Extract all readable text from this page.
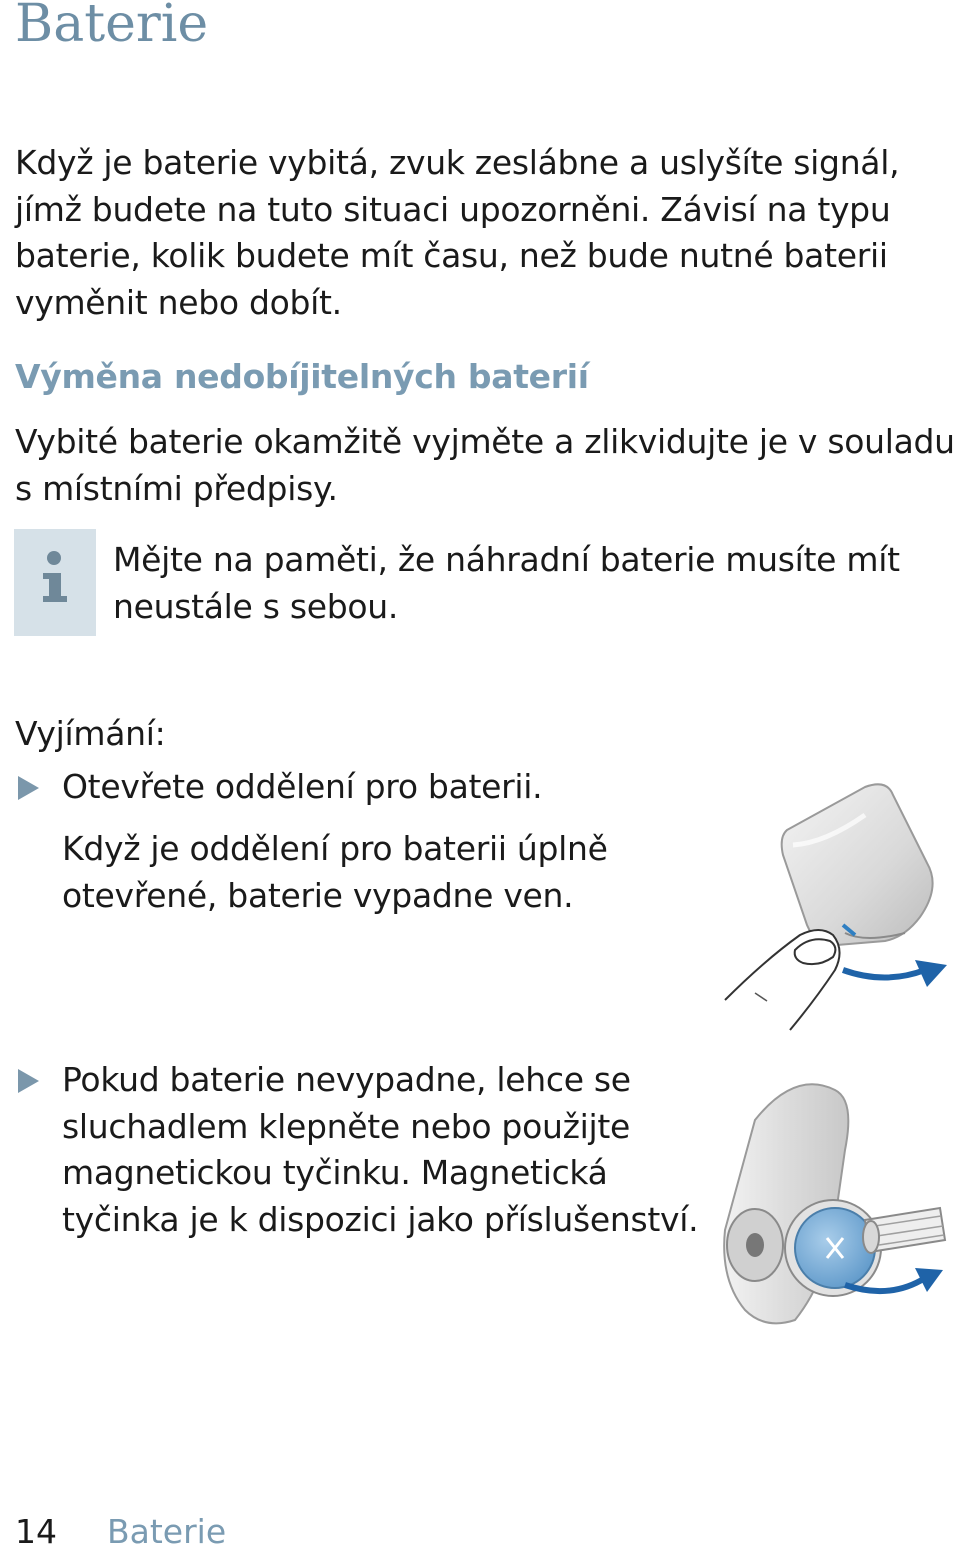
Baterie

Když je baterie vybitá, zvuk zeslábne a uslyšíte signál, jímž budete na tuto situaci upozorněni. Závisí na typu baterie, kolik budete mít času, než bude nutné baterii vyměnit nebo dobít.

Výměna nedobíjitelných baterií

Vybité baterie okamžitě vyjměte a zlikvidujte je v souladu s místními předpisy.

Mějte na paměti, že náhradní baterie musíte mít neustále s sebou.

Vyjímání:

Otevřete oddělení pro baterii.

Když je oddělení pro baterii úplně otevřené, baterie vypadne ven.

Pokud baterie nevypadne, lehce se sluchadlem klepněte nebo použijte magnetickou tyčinku. Magnetická tyčinka je k dispozici jako příslušenství.

14 Baterie
